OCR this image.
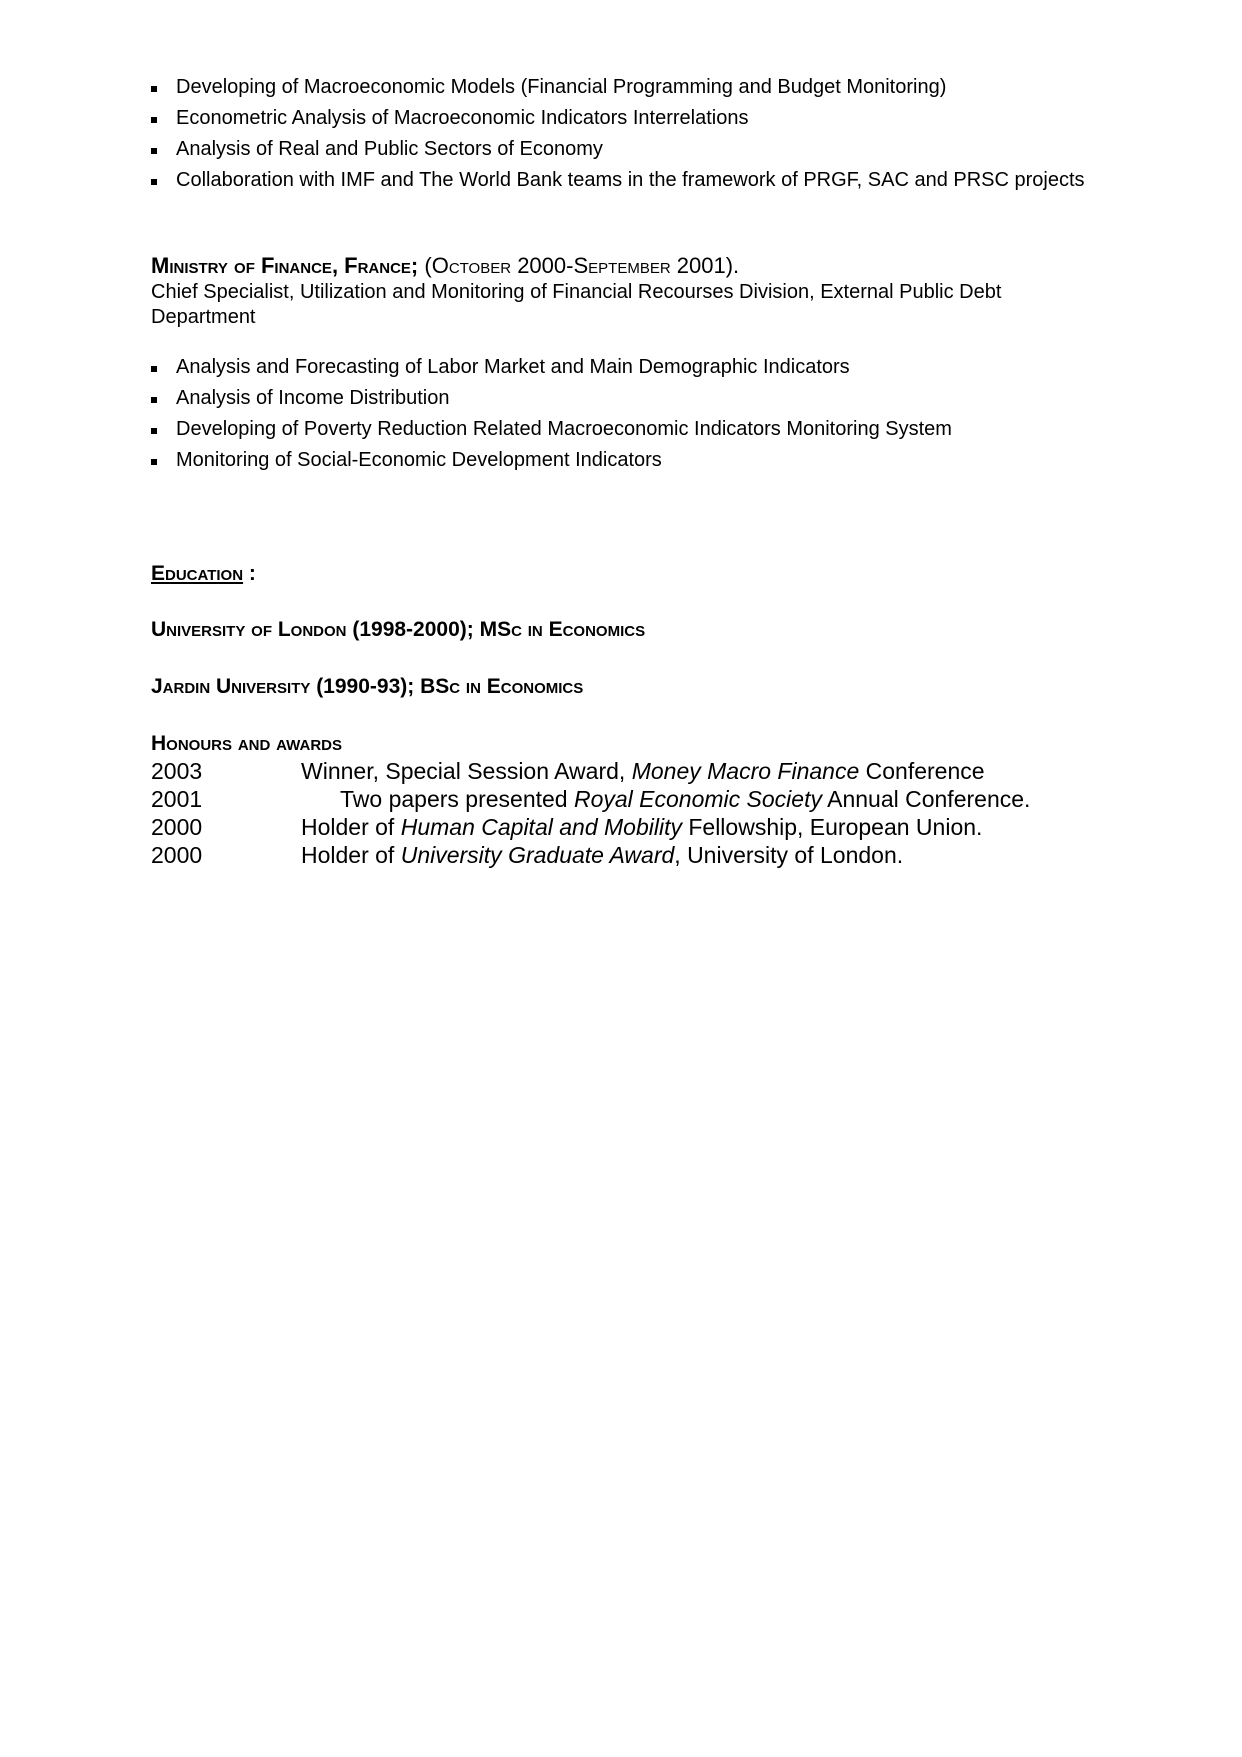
Developing of Macroeconomic Models (Financial Programming and Budget Monitoring)
Econometric Analysis of Macroeconomic Indicators Interrelations
Analysis of Real and Public Sectors of Economy
Collaboration with IMF and The World Bank teams in the framework of PRGF, SAC and PRSC projects
Ministry of Finance, France; (October 2000-September 2001).
Chief Specialist, Utilization and Monitoring of Financial Recourses Division, External Public Debt Department
Analysis and Forecasting of Labor Market and Main Demographic Indicators
Analysis of Income Distribution
Developing of Poverty Reduction Related Macroeconomic Indicators Monitoring System
Monitoring of Social-Economic Development Indicators
Education :
University of London (1998-2000); MSc in Economics
Jardin University (1990-93); BSc in Economics
Honours and awards
2003	Winner, Special Session Award, Money Macro Finance Conference
2001	Two papers presented Royal Economic Society Annual Conference.
2000	Holder of Human Capital and Mobility Fellowship, European Union.
2000	Holder of University Graduate Award, University of London.
